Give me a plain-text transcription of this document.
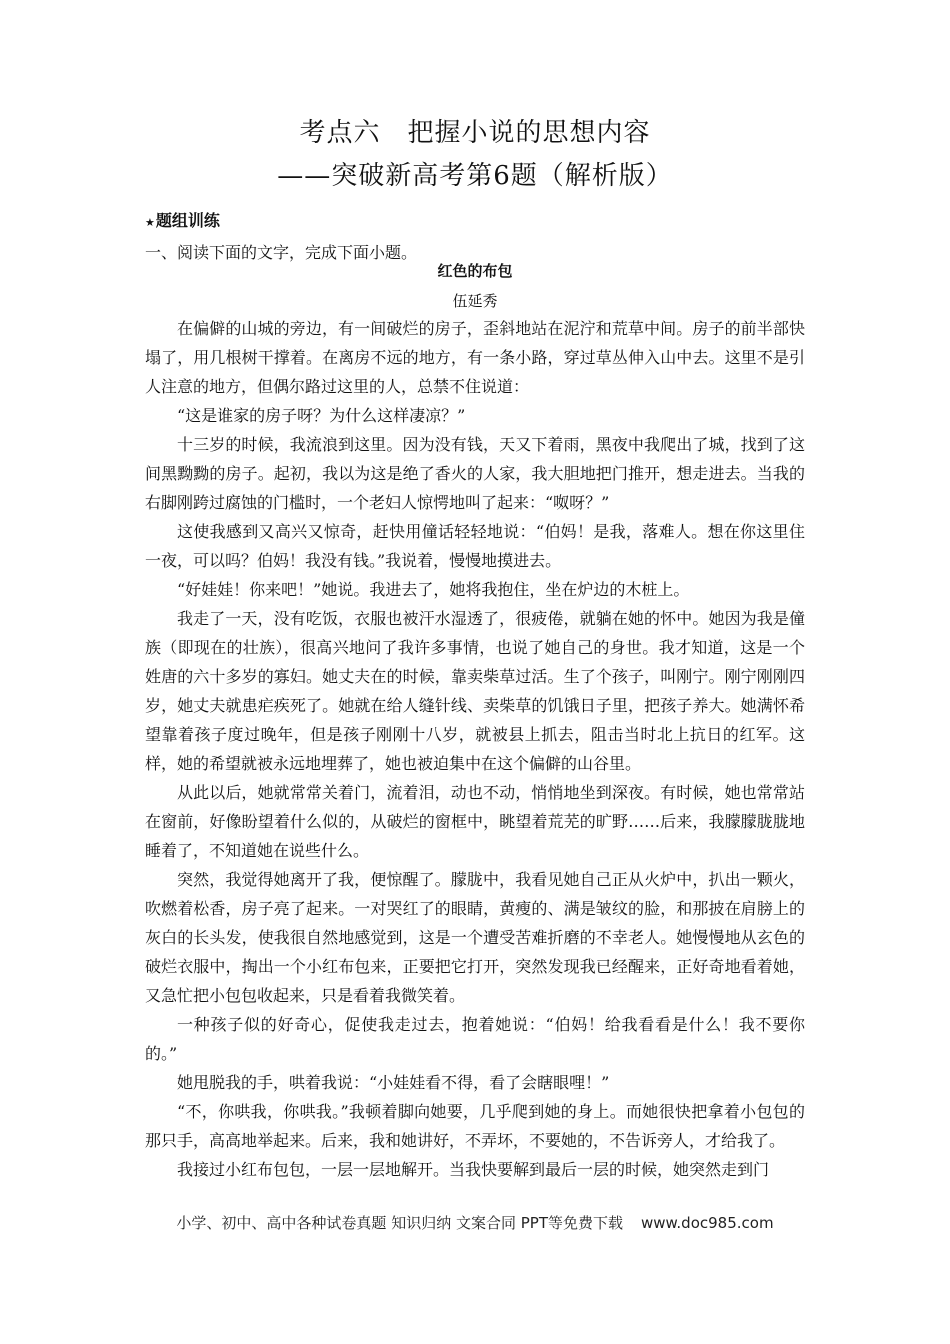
考点六　把握小说的思想内容
——突破新高考第6题（解析版）
★题组训练
一、阅读下面的文字，完成下面小题。
红色的布包
伍延秀

在偏僻的山城的旁边，有一间破烂的房子，歪斜地站在泥泞和荒草中间。房子的前半部快塌了，用几根树干撑着。在离房不远的地方，有一条小路，穿过草丛伸入山中去。这里不是引人注意的地方，但偶尔路过这里的人，总禁不住说道：

“这是谁家的房子呀？为什么这样凄凉？”

十三岁的时候，我流浪到这里。因为没有钱，天又下着雨，黑夜中我爬出了城，找到了这间黑黝黝的房子。起初，我以为这是绝了香火的人家，我大胆地把门推开，想走进去。当我的右脚刚跨过腐蚀的门槛时，一个老妇人惊愕地叫了起来：“呶呀？”

这使我感到又高兴又惊奇，赶快用僮话轻轻地说：“伯妈！是我，落难人。想在你这里住一夜，可以吗？伯妈！我没有钱。”我说着，慢慢地摸进去。

“好娃娃！你来吧！”她说。我进去了，她将我抱住，坐在炉边的木桩上。

我走了一天，没有吃饭，衣服也被汗水湿透了，很疲倦，就躺在她的怀中。她因为我是僮族（即现在的壮族），很高兴地问了我许多事情，也说了她自己的身世。我才知道，这是一个姓唐的六十多岁的寡妇。她丈夫在的时候，靠卖柴草过活。生了个孩子，叫刚宁。刚宁刚刚四岁，她丈夫就患疟疾死了。她就在给人缝针线、卖柴草的饥饿日子里，把孩子养大。她满怀希望靠着孩子度过晚年，但是孩子刚刚十八岁，就被县上抓去，阻击当时北上抗日的红军。这样，她的希望就被永远地埋葬了，她也被迫集中在这个偏僻的山谷里。

从此以后，她就常常关着门，流着泪，动也不动，悄悄地坐到深夜。有时候，她也常常站在窗前，好像盼望着什么似的，从破烂的窗框中，眺望着荒芜的旷野……后来，我朦朦胧胧地睡着了，不知道她在说些什么。

突然，我觉得她离开了我，便惊醒了。朦胧中，我看见她自己正从火炉中，扒出一颗火，吹燃着松香，房子亮了起来。一对哭红了的眼睛，黄瘦的、满是皱纹的脸，和那披在肩膀上的灰白的长头发，使我很自然地感觉到，这是一个遭受苦难折磨的不幸老人。她慢慢地从玄色的破烂衣服中，掏出一个小红布包来，正要把它打开，突然发现我已经醒来，正好奇地看着她，又急忙把小包包收起来，只是看着我微笑着。

一种孩子似的好奇心，促使我走过去，抱着她说：“伯妈！给我看看是什么！我不要你的。”

她甩脱我的手，哄着我说：“小娃娃看不得，看了会瞎眼哩！”

“不，你哄我，你哄我。”我顿着脚向她要，几乎爬到她的身上。而她很快把拿着小包包的那只手，高高地举起来。后来，我和她讲好，不弄坏，不要她的，不告诉旁人，才给我了。

我接过小红布包包，一层一层地解开。当我快要解到最后一层的时候，她突然走到门

小学、初中、高中各种试卷真题 知识归纳 文案合同 PPT等免费下载 www.doc985.com
